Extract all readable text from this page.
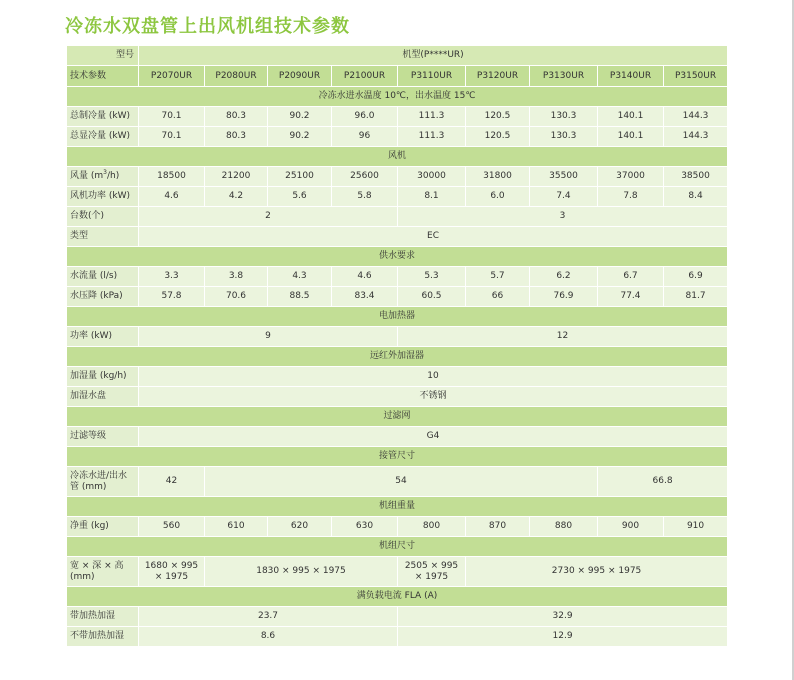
冷冻水双盘管上出风机组技术参数
型号	机型(P****UR)								
技术参数	P2070UR	P2080UR	P2090UR	P2100UR	P3110UR	P3120UR	P3130UR	P3140UR	P3150UR
冷冻水进水温度 10℃，出水温度 15℃									
总制冷量 (kW)	70.1	80.3	90.2	96.0	111.3	120.5	130.3	140.1	144.3
总显冷量 (kW)	70.1	80.3	90.2	96	111.3	120.5	130.3	140.1	144.3
风机									
风量 $(m^3/h)$	18500	21200	25100	25600	30000	31800	35500	37000	38500
风机功率 (kW)	4.6	4.2	5.6	5.8	8.1	6.0	7.4	7.8	8.4
台数(个)	2				3				
类型	EC								
供水要求									
水流量 (l/s)	3.3	3.8	4.3	4.6	5.3	5.7	6.2	6.7	6.9
水压降 (kPa)	57.8	70.6	88.5	83.4	60.5	66	76.9	77.4	81.7
电加热器									
功率 (kW)	9				12				
远红外加湿器									
加湿量 (kg/h)	10								
加湿水盘	不锈钢								
过滤网									
过滤等级	G4								
接管尺寸									
冷冻水进/出水管 (mm)	42	54						66.8	
机组重量									
净重 (kg)	560	610	620	630	800	870	880	900	910
机组尺寸									
宽 × 深 × 高 (mm)	1680 × 995 × 1975	1830 × 995 × 1975			2505 × 995 × 1975	2730 × 995 × 1975			
满负载电流 FLA (A)									
带加热加湿	23.7				32.9				
不带加热加湿	8.6				12.9				
